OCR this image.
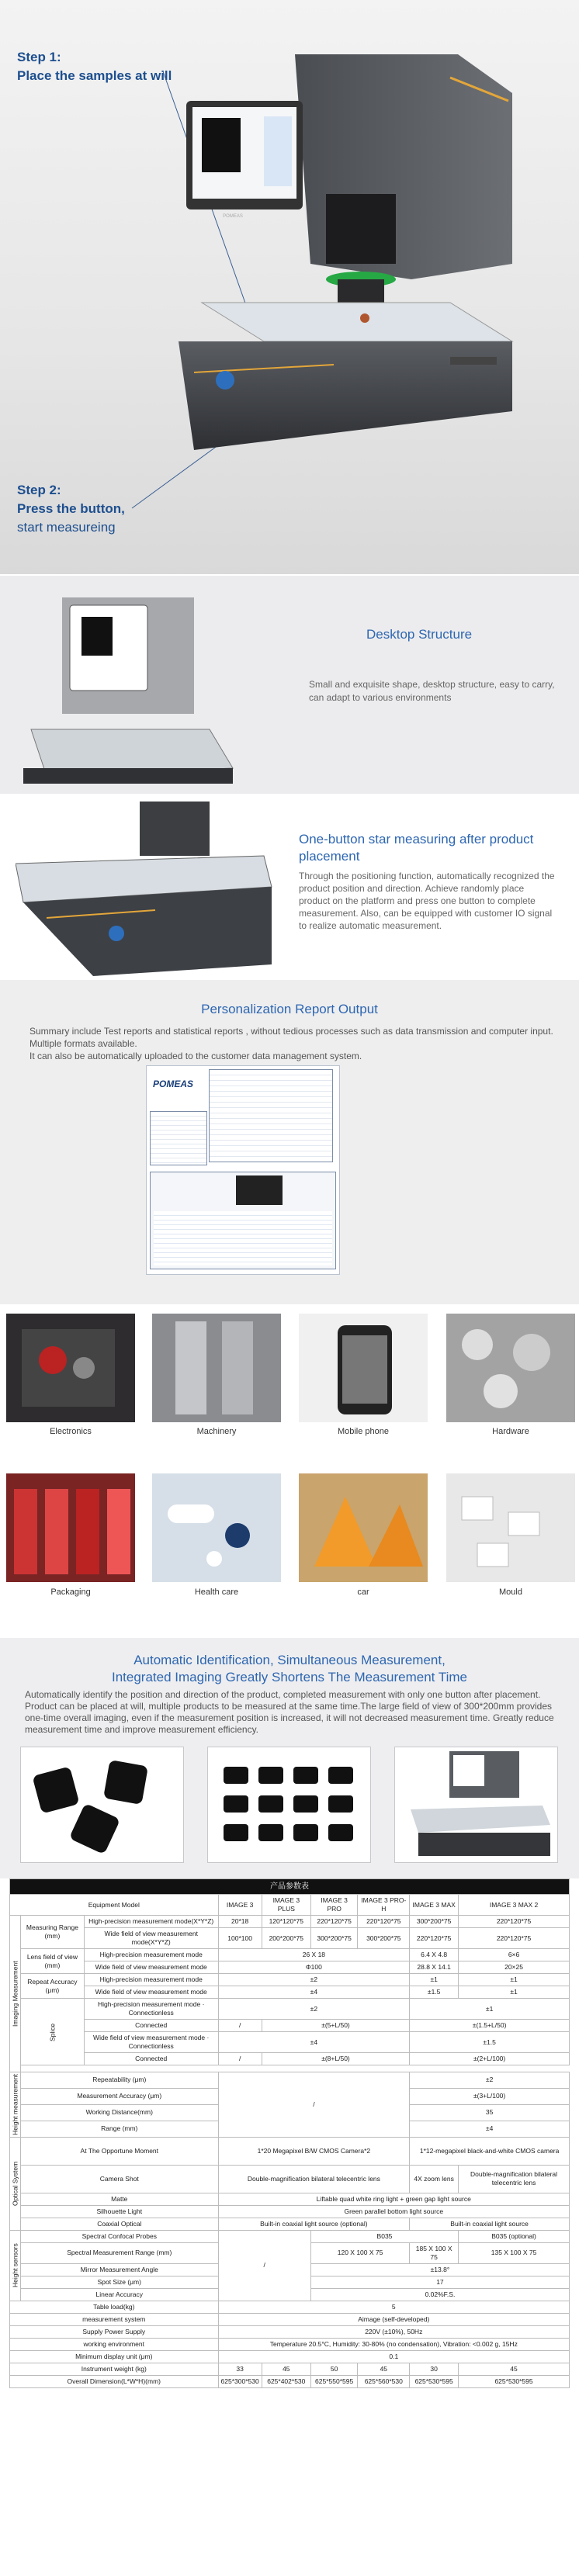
Step 1:
Place the samples at will
Step 2:
Press the button,
start measureing
POMEAS
Desktop Structure

Small and exquisite shape, desktop structure, easy to carry, can adapt to various environments

One-button star measuring after product placement

Through the positioning function, automatically recognized the product position and direction. Achieve randomly place product on the platform and press one button to complete measurement. Also, can be equipped with customer IO signal to realize automatic measurement.

Personalization Report Output

Summary include Test reports and statistical reports , without tedious processes such as data transmission and computer input. Multiple formats available.
It can also be automatically uploaded to the customer data management system.

POMEAS
Electronics	Machinery	Mobile phone	Hardware
Packaging	Health care	car	Mould
Automatic Identification, Simultaneous Measurement,
Integrated Imaging Greatly Shortens The Measurement Time

Automatically identify the position and direction of the product, completed measurement with only one button after placement. Product can be placed at will, multiple products to be measured at the same time.The large field of view of 300*200mm provides one-time overall imaging, even if the measurement position is increased, it will not decreased measurement time. Greatly reduce measurement time and improve measurement efficiency.

产品参数表								
Equipment Model			IMAGE 3	IMAGE 3 PLUS	IMAGE 3 PRO	IMAGE 3 PRO-H	IMAGE 3 MAX	IMAGE 3 MAX 2
Imaging Measurement	Measuring Range (mm)	High-precision measurement mode(X*Y*Z)	20*18	120*120*75	220*120*75	220*120*75	300*200*75	220*120*75
		Wide field of view measurement mode(X*Y*Z)	100*100	200*200*75	300*200*75	300*200*75	220*120*75	220*120*75
	Lens field of view (mm)	High-precision measurement mode	26 X 18				6.4 X 4.8	6×6
		Wide field of view measurement mode	Φ100				28.8 X 14.1	20×25
	Repeat Accuracy (μm)	High-precision measurement mode	±2				±1	±1
		Wide field of view measurement mode	±4				±1.5	±1
	Splice	High-precision measurement mode · Connectionless	±2				±1	
		Connected	/	±(5+L/50)			±(1.5+L/50)	
		Wide field of view measurement mode · Connectionless	±4				±1.5	
		Connected	/	±(8+L/50)			±(2+L/100)	

Height measurement	Repeatability (μm)		/				±2	
	Measurement Accuracy (μm)						±(3+L/100)	
	Working Distance(mm)						35	
	Range (mm)						±4	
Optical System	At The Opportune Moment		1*20 Megapixel B/W CMOS Camera*2				1*12-megapixel black-and-white CMOS camera	
	Camera Shot		Double-magnification bilateral telecentric lens				4X zoom lens	Double-magnification bilateral telecentric lens
	Matte		Liftable quad white ring light + green gap light source					
	Silhouette Light		Green parallel bottom light source					
	Coaxial Optical		Built-in coaxial light source (optional)				Built-in coaxial light source	
Height sensors	Spectral Confocal Probes		/		B035			B035 (optional)
	Spectral Measurement Range (mm)				120 X 100 X 75		185 X 100 X 75	135 X 100 X 75
	Mirror Measurement Angle				±13.8°			
	Spot Size (μm)				17			
	Linear Accuracy				0.02%F.S.			
Table load(kg)			5					
measurement system			Aimage (self-developed)					
Supply Power Supply			220V (±10%), 50Hz					
working environment			Temperature 20.5°C, Humidity: 30-80% (no condensation), Vibration: <0.002 g, 15Hz					
Minimum display unit (μm)			0.1					
Instrument weight (kg)			33	45	50	45	30	45
Overall Dimension(L*W*H)(mm)			625*300*530	625*402*530	625*550*595	625*560*530	625*530*595	625*530*595
